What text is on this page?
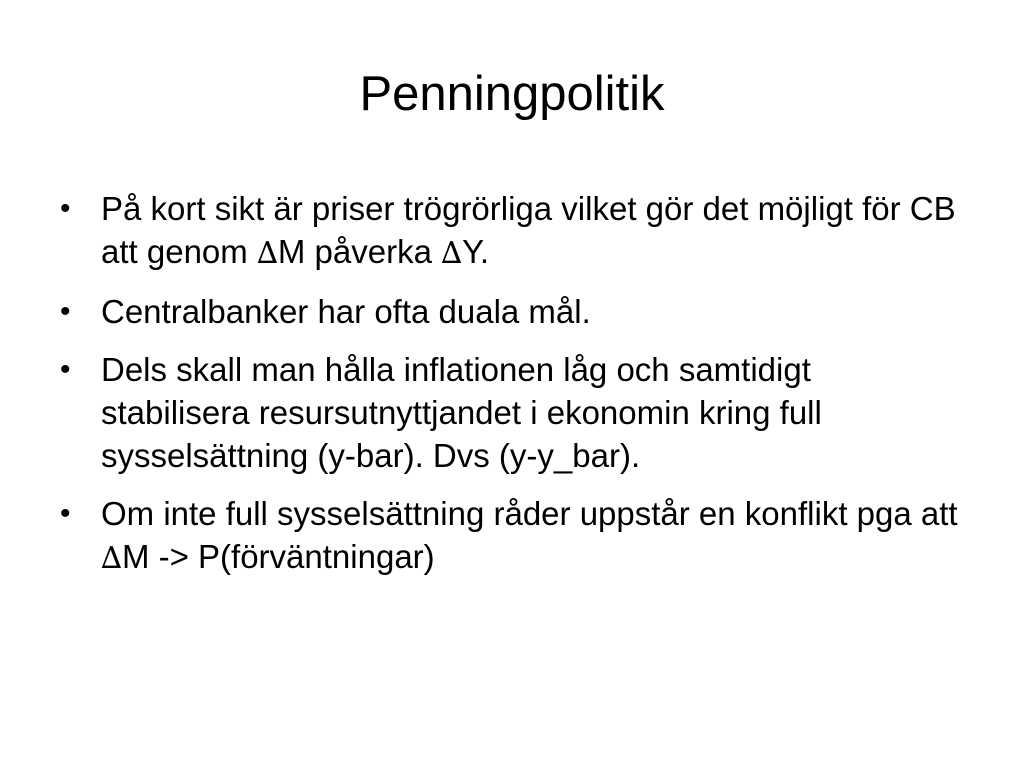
Penningpolitik
• På kort sikt är priser trögrörliga vilket gör det möjligt för CB att genom ∆M påverka ∆Y.
• Centralbanker har ofta duala mål.
• Dels skall man hålla inflationen låg och samtidigt stabilisera resursutnyttjandet i ekonomin kring full sysselsättning (y-bar). Dvs (y-y_bar).
• Om inte full sysselsättning råder uppstår en konflikt pga att ∆M -> P(förväntningar)
